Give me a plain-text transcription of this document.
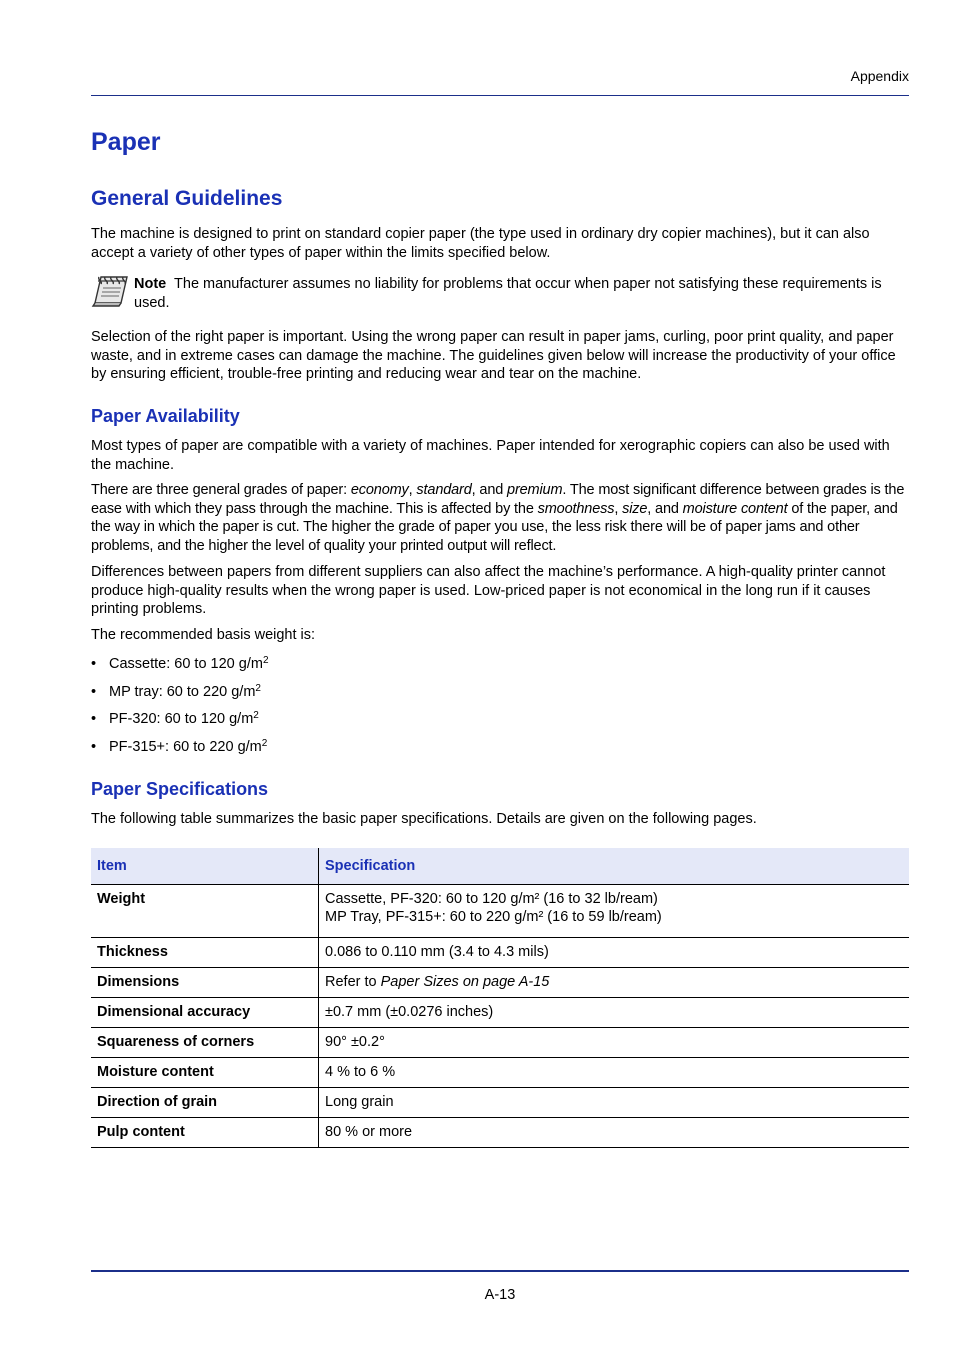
Appendix
Paper
General Guidelines

The machine is designed to print on standard copier paper (the type used in ordinary dry copier machines), but it can also accept a variety of other types of paper within the limits specified below.

Note The manufacturer assumes no liability for problems that occur when paper not satisfying these requirements is used.

Selection of the right paper is important. Using the wrong paper can result in paper jams, curling, poor print quality, and paper waste, and in extreme cases can damage the machine. The guidelines given below will increase the productivity of your office by ensuring efficient, trouble-free printing and reducing wear and tear on the machine.

Paper Availability

Most types of paper are compatible with a variety of machines. Paper intended for xerographic copiers can also be used with the machine.

There are three general grades of paper: economy, standard, and premium. The most significant difference between grades is the ease with which they pass through the machine. This is affected by the smoothness, size, and moisture content of the paper, and the way in which the paper is cut. The higher the grade of paper you use, the less risk there will be of paper jams and other problems, and the higher the level of quality your printed output will reflect.

Differences between papers from different suppliers can also affect the machine’s performance. A high-quality printer cannot produce high-quality results when the wrong paper is used. Low-priced paper is not economical in the long run if it causes printing problems.

The recommended basis weight is:

• Cassette: 60 to 120 $g/m^2$
• MP tray: 60 to 220 $g/m^2$
• PF-320: 60 to 120 $g/m^2$
• PF-315+: 60 to 220 $g/m^2$
Paper Specifications

The following table summarizes the basic paper specifications. Details are given on the following pages.

Item	Specification
Weight	Cassette, PF-320: 60 to 120 g/m² (16 to 32 lb/ream)
MP Tray, PF-315+: 60 to 220 g/m² (16 to 59 lb/ream)

Thickness	0.086 to 0.110 mm (3.4 to 4.3 mils)
Dimensions	Refer to Paper Sizes on page A-15
Dimensional accuracy	±0.7 mm (±0.0276 inches)
Squareness of corners	90° ±0.2°
Moisture content	4 % to 6 %
Direction of grain	Long grain
Pulp content	80 % or more
A-13
